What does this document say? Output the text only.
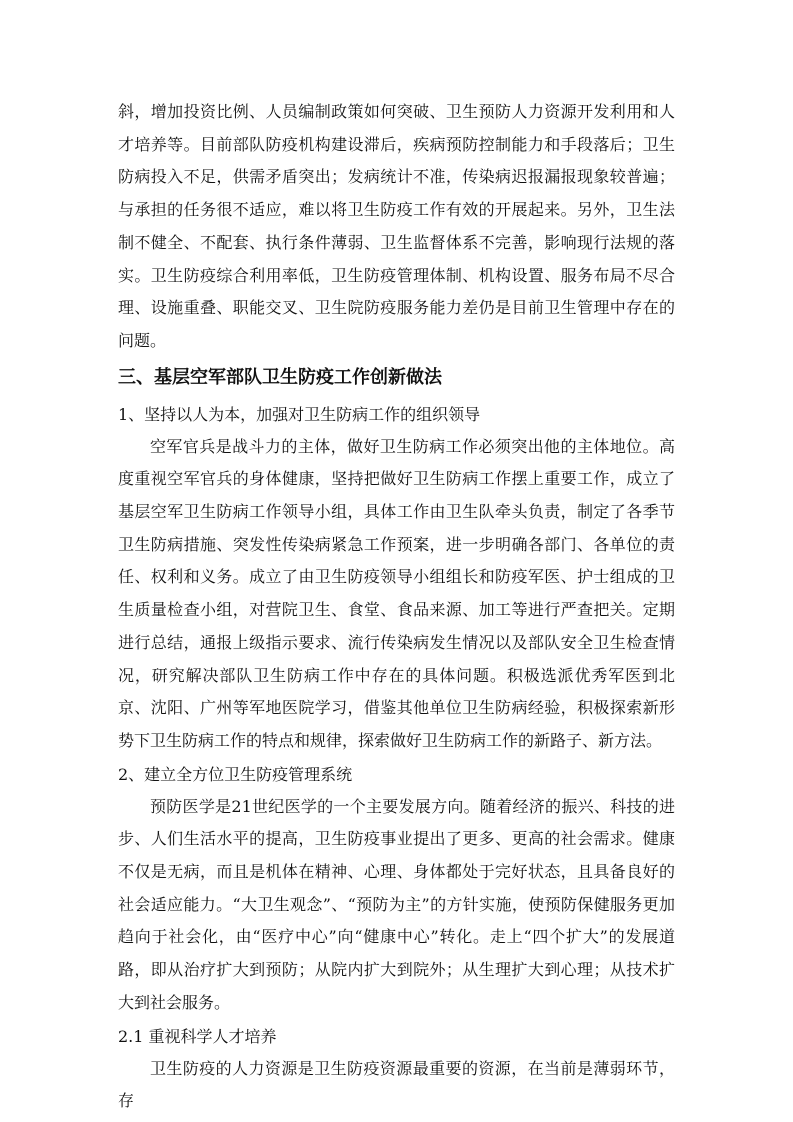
斜，增加投资比例、人员编制政策如何突破、卫生预防人力资源开发利用和人才培养等。目前部队防疫机构建设滞后，疾病预防控制能力和手段落后；卫生防病投入不足，供需矛盾突出；发病统计不准，传染病迟报漏报现象较普遍；与承担的任务很不适应，难以将卫生防疫工作有效的开展起来。另外，卫生法制不健全、不配套、执行条件薄弱、卫生监督体系不完善，影响现行法规的落实。卫生防疫综合利用率低，卫生防疫管理体制、机构设置、服务布局不尽合理、设施重叠、职能交叉、卫生院防疫服务能力差仍是目前卫生管理中存在的问题。

三、基层空军部队卫生防疫工作创新做法

1、坚持以人为本，加强对卫生防病工作的组织领导

空军官兵是战斗力的主体，做好卫生防病工作必须突出他的主体地位。高度重视空军官兵的身体健康，坚持把做好卫生防病工作摆上重要工作，成立了基层空军卫生防病工作领导小组，具体工作由卫生队牵头负责，制定了各季节卫生防病措施、突发性传染病紧急工作预案，进一步明确各部门、各单位的责任、权利和义务。成立了由卫生防疫领导小组组长和防疫军医、护士组成的卫生质量检查小组，对营院卫生、食堂、食品来源、加工等进行严查把关。定期进行总结，通报上级指示要求、流行传染病发生情况以及部队安全卫生检查情况，研究解决部队卫生防病工作中存在的具体问题。积极选派优秀军医到北京、沈阳、广州等军地医院学习，借鉴其他单位卫生防病经验，积极探索新形势下卫生防病工作的特点和规律，探索做好卫生防病工作的新路子、新方法。

2、建立全方位卫生防疫管理系统

预防医学是21世纪医学的一个主要发展方向。随着经济的振兴、科技的进步、人们生活水平的提高，卫生防疫事业提出了更多、更高的社会需求。健康不仅是无病，而且是机体在精神、心理、身体都处于完好状态，且具备良好的社会适应能力。“大卫生观念”、“预防为主”的方针实施，使预防保健服务更加趋向于社会化，由“医疗中心”向“健康中心”转化。走上“四个扩大”的发展道路，即从治疗扩大到预防；从院内扩大到院外；从生理扩大到心理；从技术扩大到社会服务。

2.1 重视科学人才培养

卫生防疫的人力资源是卫生防疫资源最重要的资源，在当前是薄弱环节，存
